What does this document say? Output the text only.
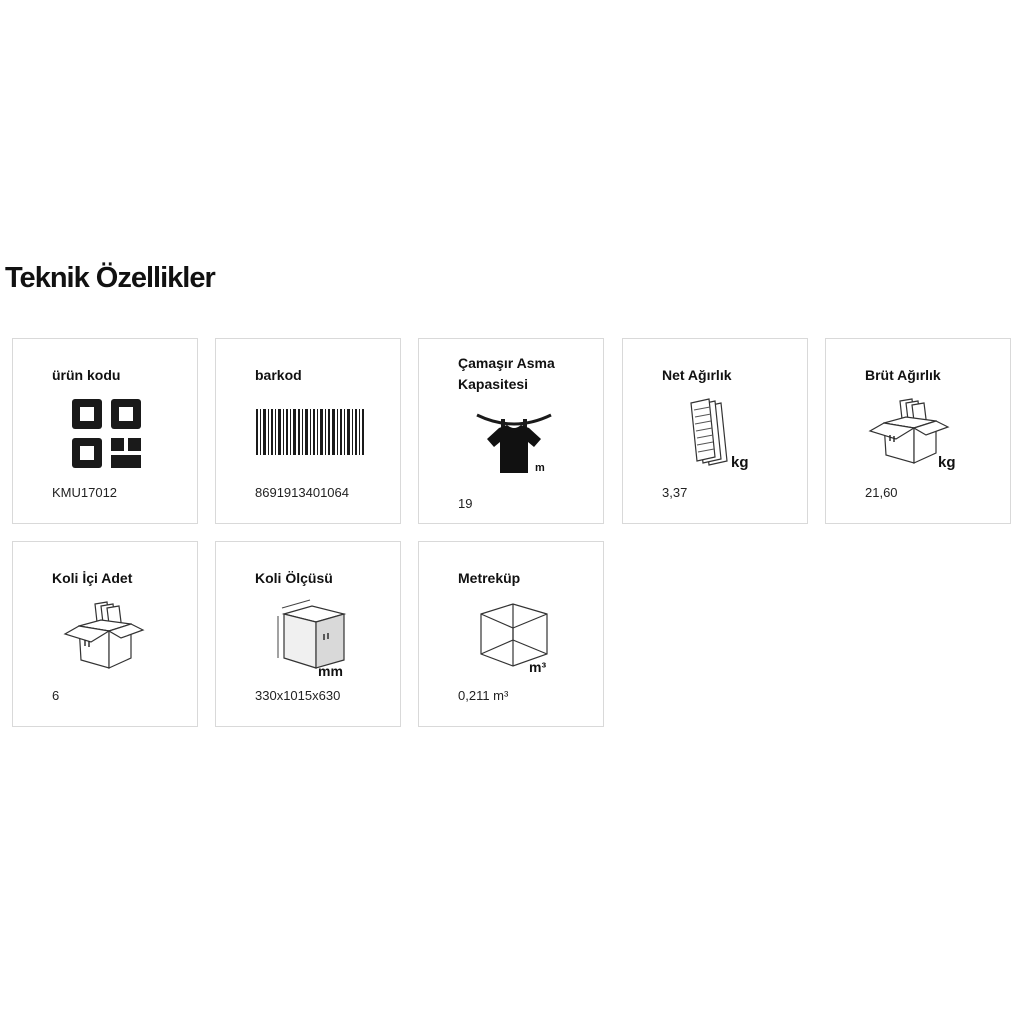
Teknik Özellikler
ürün kodu
KMU17012
barkod
8691913401064
Çamaşır Asma Kapasitesi
m
19
Net Ağırlık
kg
3,37
Brüt Ağırlık
kg
21,60
Koli İçi Adet
6
Koli Ölçüsü
mm
330x1015x630
Metreküp
m³
0,211 m³
